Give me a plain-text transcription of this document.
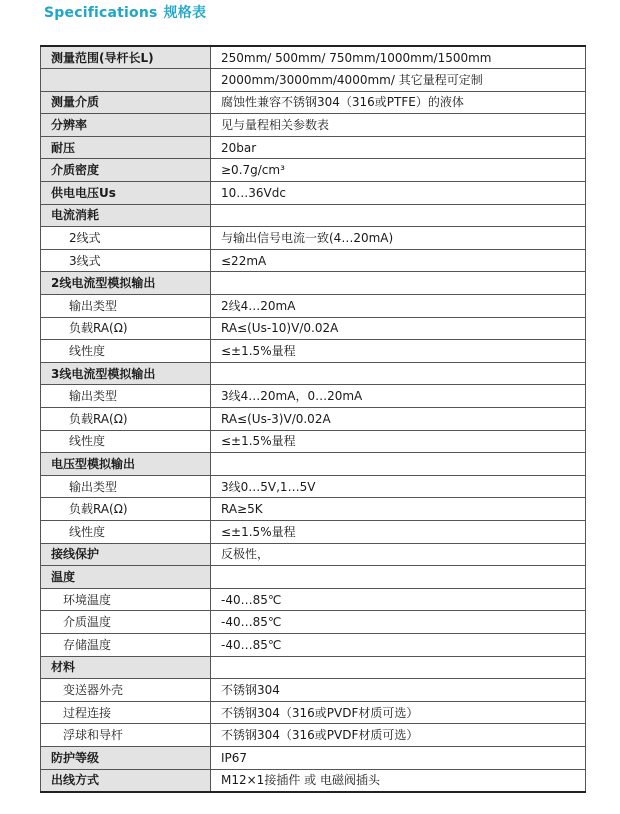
Specifications 规格表
测量范围(导杆长L)	250mm/ 500mm/ 750mm/1000mm/1500mm
	2000mm/3000mm/4000mm/ 其它量程可定制
测量介质	腐蚀性兼容不锈钢304（316或PTFE）的液体
分辨率	见与量程相关参数表
耐压	20bar
介质密度	≥0.7g/cm³
供电电压Us	10…36Vdc
电流消耗	
2线式	与输出信号电流一致(4…20mA)
3线式	≤22mA
2线电流型模拟输出	
输出类型	2线4…20mA
负载RA(Ω)	RA≤(Us-10)V/0.02A
线性度	≤±1.5%量程
3线电流型模拟输出	
输出类型	3线4…20mA，0…20mA
负载RA(Ω)	RA≤(Us-3)V/0.02A
线性度	≤±1.5%量程
电压型模拟输出	
输出类型	3线0…5V,1…5V
负载RA(Ω)	RA≥5K
线性度	≤±1.5%量程
接线保护	反极性，
温度	
环境温度	-40…85℃
介质温度	-40…85℃
存储温度	-40…85℃
材料	
变送器外壳	不锈钢304
过程连接	不锈钢304（316或PVDF材质可选）
浮球和导杆	不锈钢304（316或PVDF材质可选）
防护等级	IP67
出线方式	M12×1接插件 或 电磁阀插头
